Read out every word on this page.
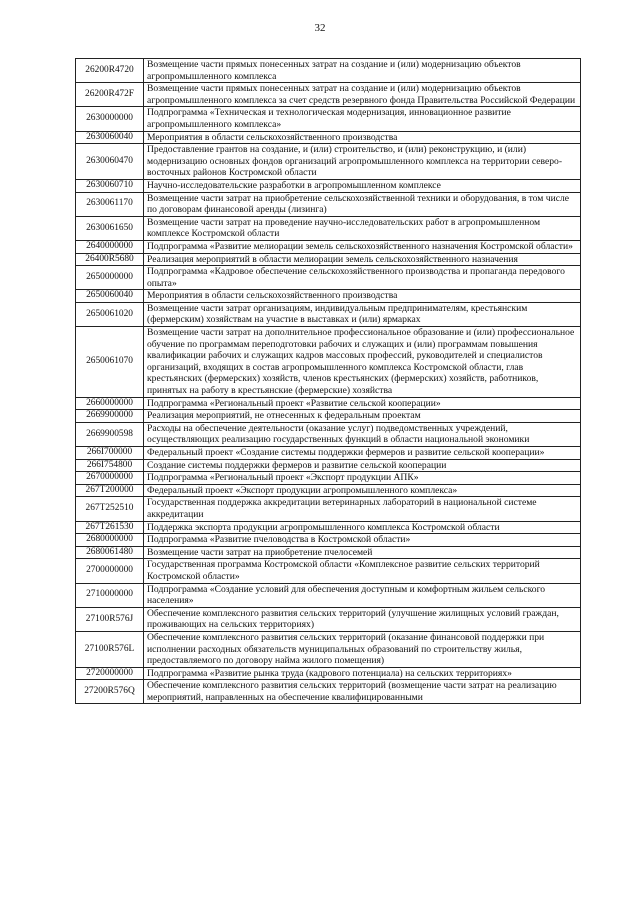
32
26200R4720	Возмещение части прямых понесенных затрат на создание и (или) модернизацию объектов агропромышленного комплекса
26200R472F	Возмещение части прямых понесенных затрат на создание и (или) модернизацию объектов агропромышленного комплекса за счет средств резервного фонда Правительства Российской Федерации
2630000000	Подпрограмма «Техническая и технологическая модернизация, инновационное развитие агропромышленного комплекса»
2630060040	Мероприятия в области сельскохозяйственного производства
2630060470	Предоставление грантов на создание, и (или) строительство, и (или) реконструкцию, и (или) модернизацию основных фондов организаций агропромышленного комплекса на территории северо-восточных районов Костромской области
2630060710	Научно-исследовательские разработки в агропромышленном комплексе
2630061170	Возмещение части затрат на приобретение сельскохозяйственной техники и оборудования, в том числе по договорам финансовой аренды (лизинга)
2630061650	Возмещение части затрат на проведение научно-исследовательских работ в агропромышленном комплексе Костромской области
2640000000	Подпрограмма «Развитие мелиорации земель сельскохозяйственного назначения Костромской области»
26400R5680	Реализация мероприятий в области мелиорации земель сельскохозяйственного назначения
2650000000	Подпрограмма «Кадровое обеспечение сельскохозяйственного производства и пропаганда передового опыта»
2650060040	Мероприятия в области сельскохозяйственного производства
2650061020	Возмещение части затрат организациям, индивидуальным предпринимателям, крестьянским (фермерским) хозяйствам на участие в выставках и (или) ярмарках
2650061070	Возмещение части затрат на дополнительное профессиональное образование и (или) профессиональное обучение по программам переподготовки рабочих и служащих и (или) программам повышения квалификации рабочих и служащих кадров массовых профессий, руководителей и специалистов организаций, входящих в состав агропромышленного комплекса Костромской области, глав крестьянских (фермерских) хозяйств, членов крестьянских (фермерских) хозяйств, работников, принятых на работу в крестьянские (фермерские) хозяйства
2660000000	Подпрограмма «Региональный проект «Развитие сельской кооперации»
2669900000	Реализация мероприятий, не отнесенных к федеральным проектам
2669900598	Расходы на обеспечение деятельности (оказание услуг) подведомственных учреждений, осуществляющих реализацию государственных функций в области национальной экономики
266I700000	Федеральный проект «Создание системы поддержки фермеров и развитие сельской кооперации»
266I754800	Создание системы поддержки фермеров и развитие сельской кооперации
2670000000	Подпрограмма «Региональный проект «Экспорт продукции АПК»
267T200000	Федеральный проект «Экспорт продукции агропромышленного комплекса»
267T252510	Государственная поддержка аккредитации ветеринарных лабораторий в национальной системе аккредитации
267T261530	Поддержка экспорта продукции агропромышленного комплекса Костромской области
2680000000	Подпрограмма «Развитие пчеловодства в Костромской области»
2680061480	Возмещение части затрат на приобретение пчелосемей
2700000000	Государственная программа Костромской области «Комплексное развитие сельских территорий Костромской области»
2710000000	Подпрограмма «Создание условий для обеспечения доступным и комфортным жильем сельского населения»
27100R576J	Обеспечение комплексного развития сельских территорий (улучшение жилищных условий граждан, проживающих на сельских территориях)
27100R576L	Обеспечение комплексного развития сельских территорий (оказание финансовой поддержки при исполнении расходных обязательств муниципальных образований по строительству жилья, предоставляемого по договору найма жилого помещения)
2720000000	Подпрограмма «Развитие рынка труда (кадрового потенциала) на сельских территориях»
27200R576Q	Обеспечение комплексного развития сельских территорий (возмещение части затрат на реализацию мероприятий, направленных на обеспечение квалифицированными
